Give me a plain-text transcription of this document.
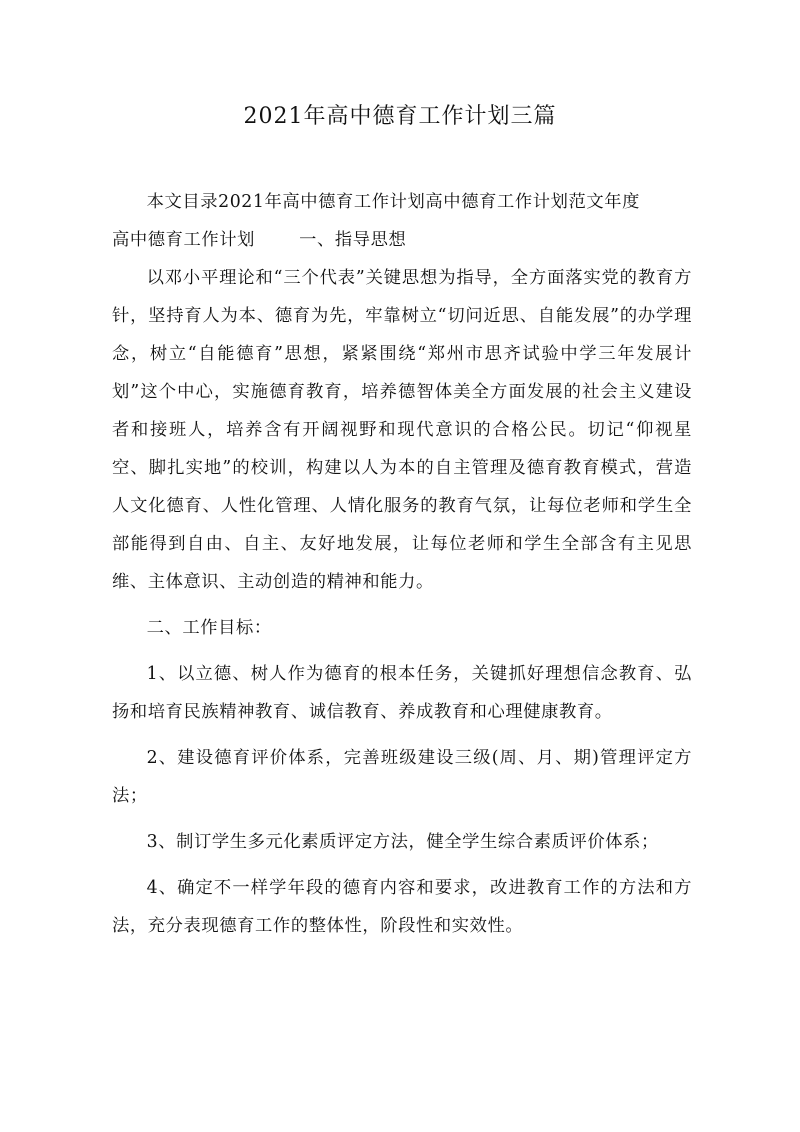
2021年高中德育工作计划三篇

本文目录2021年高中德育工作计划高中德育工作计划范文年度

高中德育工作计划	一、指导思想

以邓小平理论和“三个代表”关键思想为指导，全方面落实党的教育方针，坚持育人为本、德育为先，牢靠树立“切问近思、自能发展”的办学理念，树立“自能德育”思想，紧紧围绕“郑州市思齐试验中学三年发展计划”这个中心，实施德育教育，培养德智体美全方面发展的社会主义建设者和接班人，培养含有开阔视野和现代意识的合格公民。切记“仰视星空、脚扎实地”的校训，构建以人为本的自主管理及德育教育模式，营造人文化德育、人性化管理、人情化服务的教育气氛，让每位老师和学生全部能得到自由、自主、友好地发展，让每位老师和学生全部含有主见思维、主体意识、主动创造的精神和能力。

二、工作目标：

1、以立德、树人作为德育的根本任务，关键抓好理想信念教育、弘扬和培育民族精神教育、诚信教育、养成教育和心理健康教育。

2、建设德育评价体系，完善班级建设三级(周、月、期)管理评定方法；

3、制订学生多元化素质评定方法，健全学生综合素质评价体系；

4、确定不一样学年段的德育内容和要求，改进教育工作的方法和方法，充分表现德育工作的整体性，阶段性和实效性。
